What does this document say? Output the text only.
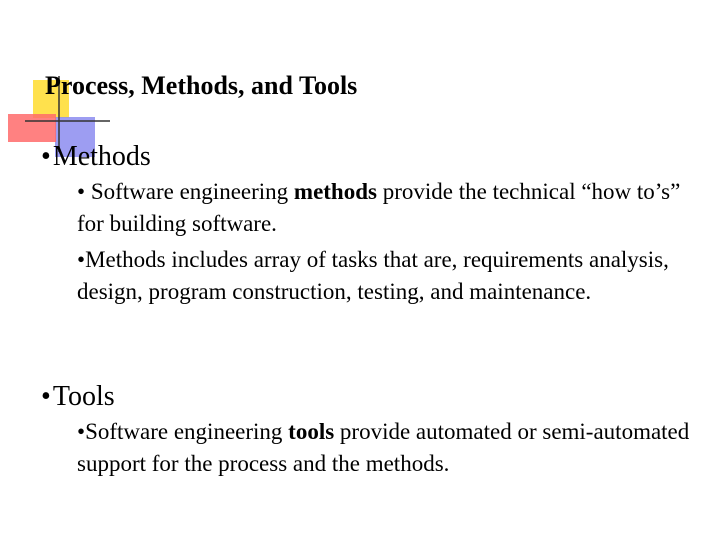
Process, Methods, and Tools
•Methods
• Software engineering methods provide the technical “how to’s” for building software.
•Methods includes array of tasks that are, requirements analysis, design, program construction, testing, and maintenance.
•Tools
•Software engineering tools provide automated or semi-automated support for the process and the methods.
